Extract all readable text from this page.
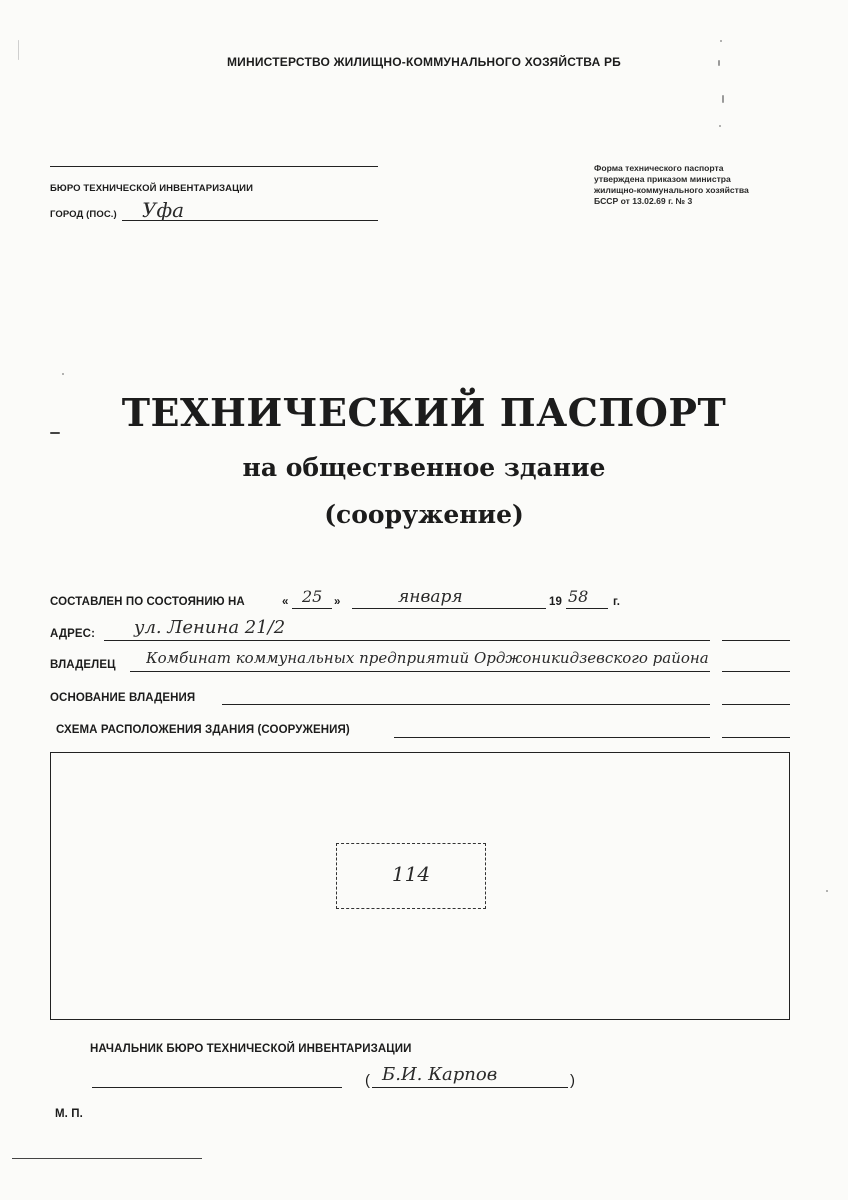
МИНИСТЕРСТВО ЖИЛИЩНО-КОММУНАЛЬНОГО ХОЗЯЙСТВА РБ
БЮРО ТЕХНИЧЕСКОЙ ИНВЕНТАРИЗАЦИИ
ГОРОД (ПОС.) Уфа
Форма технического паспорта
утверждена приказом министра
жилищно-коммунального хозяйства
БССР от 13.02.69 г. № 3
ТЕХНИЧЕСКИЙ ПАСПОРТ
на общественное здание
(сооружение)
СОСТАВЛЕН ПО СОСТОЯНИЮ НА	« 25 »	января	19 58 г.
АДРЕС: ул. Ленина 21/2
ВЛАДЕЛЕЦ Комбинат коммунальных предприятий Орджоникидзевского района
ОСНОВАНИЕ ВЛАДЕНИЯ
СХЕМА РАСПОЛОЖЕНИЯ ЗДАНИЯ (СООРУЖЕНИЯ)
114
НАЧАЛЬНИК БЮРО ТЕХНИЧЕСКОЙ ИНВЕНТАРИЗАЦИИ
( Б.И. Карпов	)
М. П.
